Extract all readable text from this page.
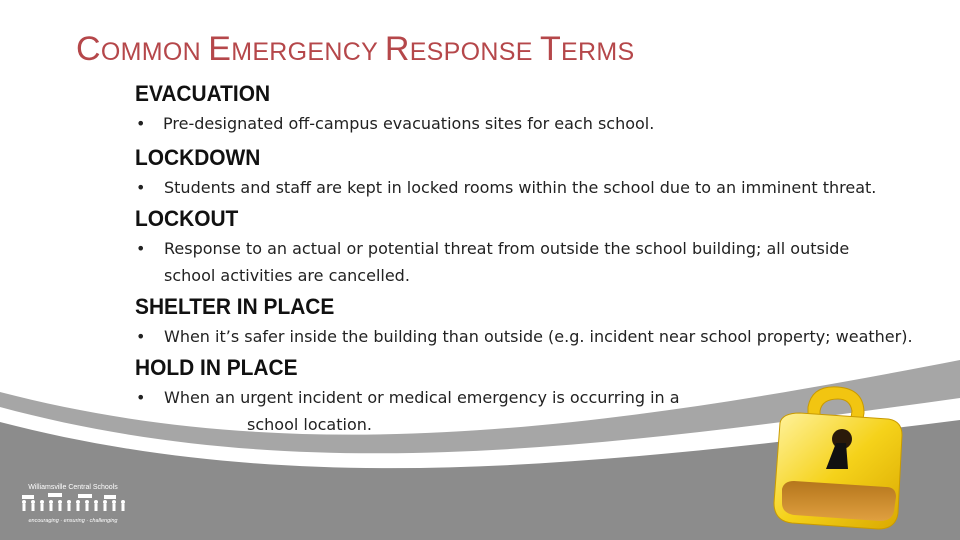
COMMON EMERGENCY RESPONSE TERMS
EVACUATION
• Pre-designated off-campus evacuations sites for each school.
LOCKDOWN
• Students and staff are kept in locked rooms within the school due to an imminent threat.
LOCKOUT
• Response to an actual or potential threat from outside the school building; all outside school activities are cancelled.
SHELTER IN PLACE
• When it’s safer inside the building than outside (e.g. incident near school property; weather).
HOLD IN PLACE
• When an urgent incident or medical emergency is occurring in a
school location.
Williamsville Central Schools
encouraging · ensuring · challenging
